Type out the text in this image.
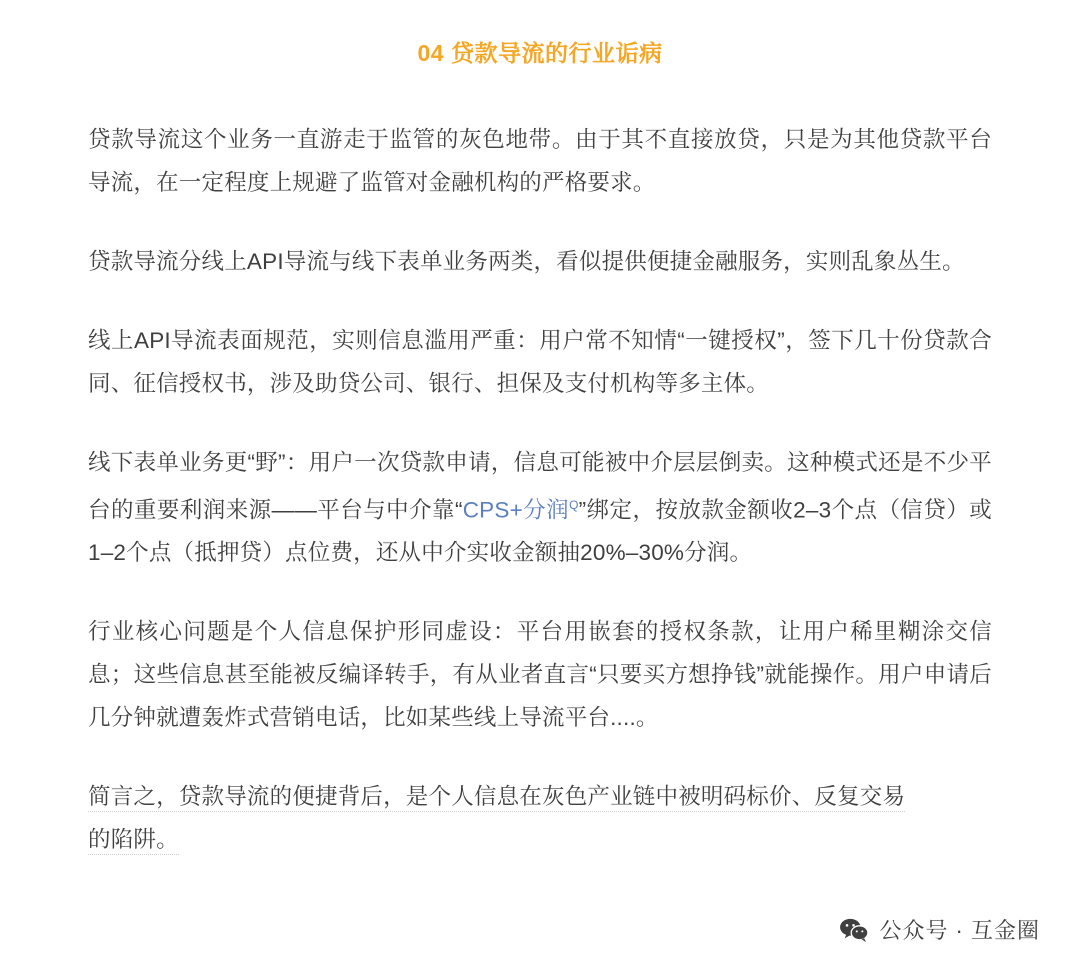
04 贷款导流的行业诟病

贷款导流这个业务一直游走于监管的灰色地带。由于其不直接放贷，只是为其他贷款平台导流，在一定程度上规避了监管对金融机构的严格要求。

贷款导流分线上API导流与线下表单业务两类，看似提供便捷金融服务，实则乱象丛生。

线上API导流表面规范，实则信息滥用严重：用户常不知情“一键授权”，签下几十份贷款合同、征信授权书，涉及助贷公司、银行、担保及支付机构等多主体。

线下表单业务更“野”：用户一次贷款申请，信息可能被中介层层倒卖。这种模式还是不少平台的重要利润来源——平台与中介靠“CPS+分润$^Q$”绑定，按放款金额收2–3个点（信贷）或1–2个点（抵押贷）点位费，还从中介实收金额抽20%–30%分润。

行业核心问题是个人信息保护形同虚设：平台用嵌套的授权条款，让用户稀里糊涂交信息；这些信息甚至能被反编译转手，有从业者直言“只要买方想挣钱”就能操作。用户申请后几分钟就遭轰炸式营销电话，比如某些线上导流平台....。

简言之，贷款导流的便捷背后，是个人信息在灰色产业链中被明码标价、反复交易
的陷阱。

公众号 · 互金圈
